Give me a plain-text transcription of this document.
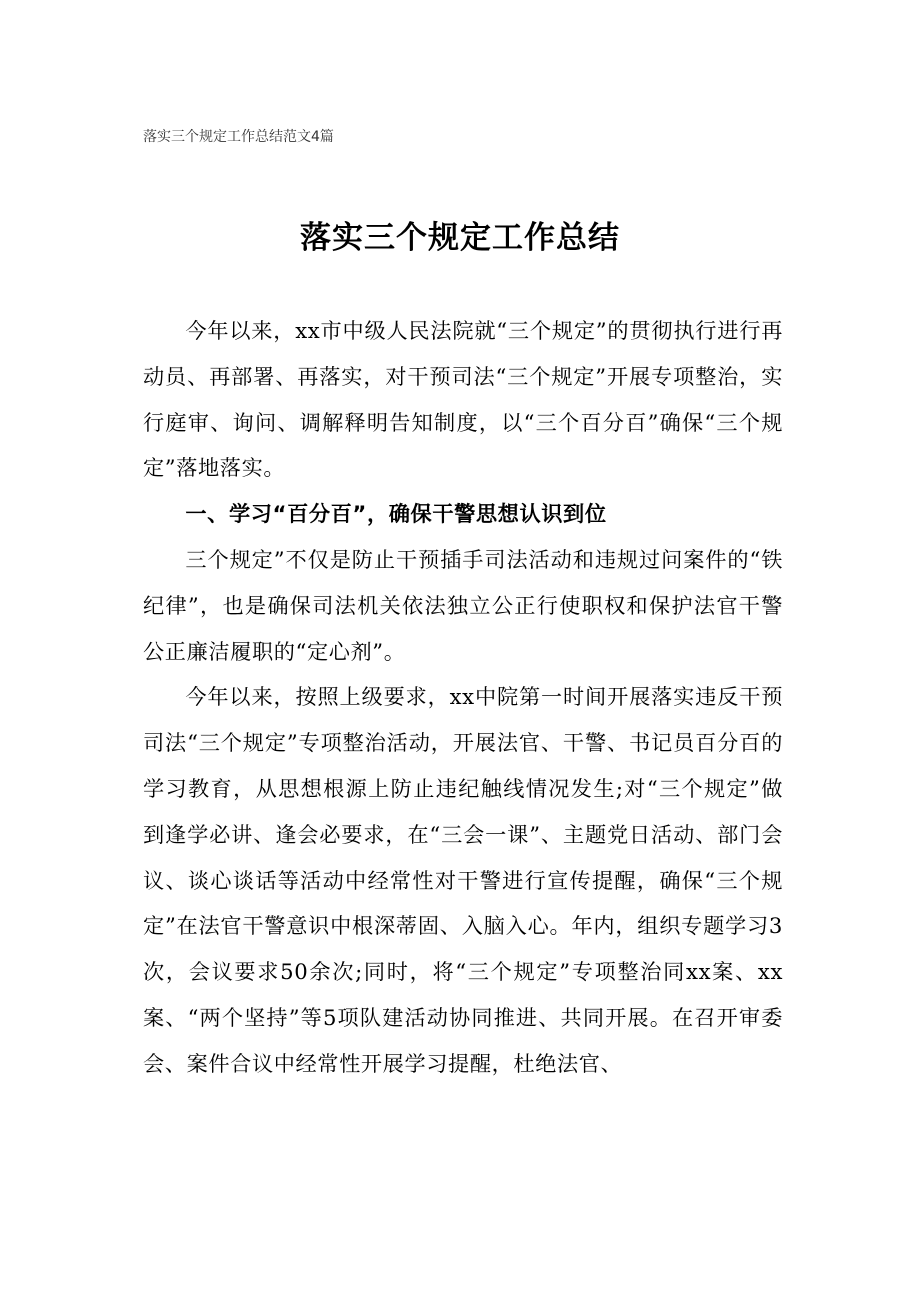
落实三个规定工作总结范文4篇
落实三个规定工作总结

今年以来，xx市中级人民法院就“三个规定”的贯彻执行进行再动员、再部署、再落实，对干预司法“三个规定”开展专项整治，实行庭审、询问、调解释明告知制度，以“三个百分百”确保“三个规定”落地落实。

一、学习“百分百”，确保干警思想认识到位

三个规定”不仅是防止干预插手司法活动和违规过问案件的“铁纪律”，也是确保司法机关依法独立公正行使职权和保护法官干警公正廉洁履职的“定心剂”。

今年以来，按照上级要求，xx中院第一时间开展落实违反干预司法“三个规定”专项整治活动，开展法官、干警、书记员百分百的学习教育，从思想根源上防止违纪触线情况发生;对“三个规定”做到逢学必讲、逢会必要求，在“三会一课”、主题党日活动、部门会议、谈心谈话等活动中经常性对干警进行宣传提醒，确保“三个规定”在法官干警意识中根深蒂固、入脑入心。年内，组织专题学习3次，会议要求50余次;同时，将“三个规定”专项整治同xx案、xx案、“两个坚持”等5项队建活动协同推进、共同开展。在召开审委会、案件合议中经常性开展学习提醒，杜绝法官、
